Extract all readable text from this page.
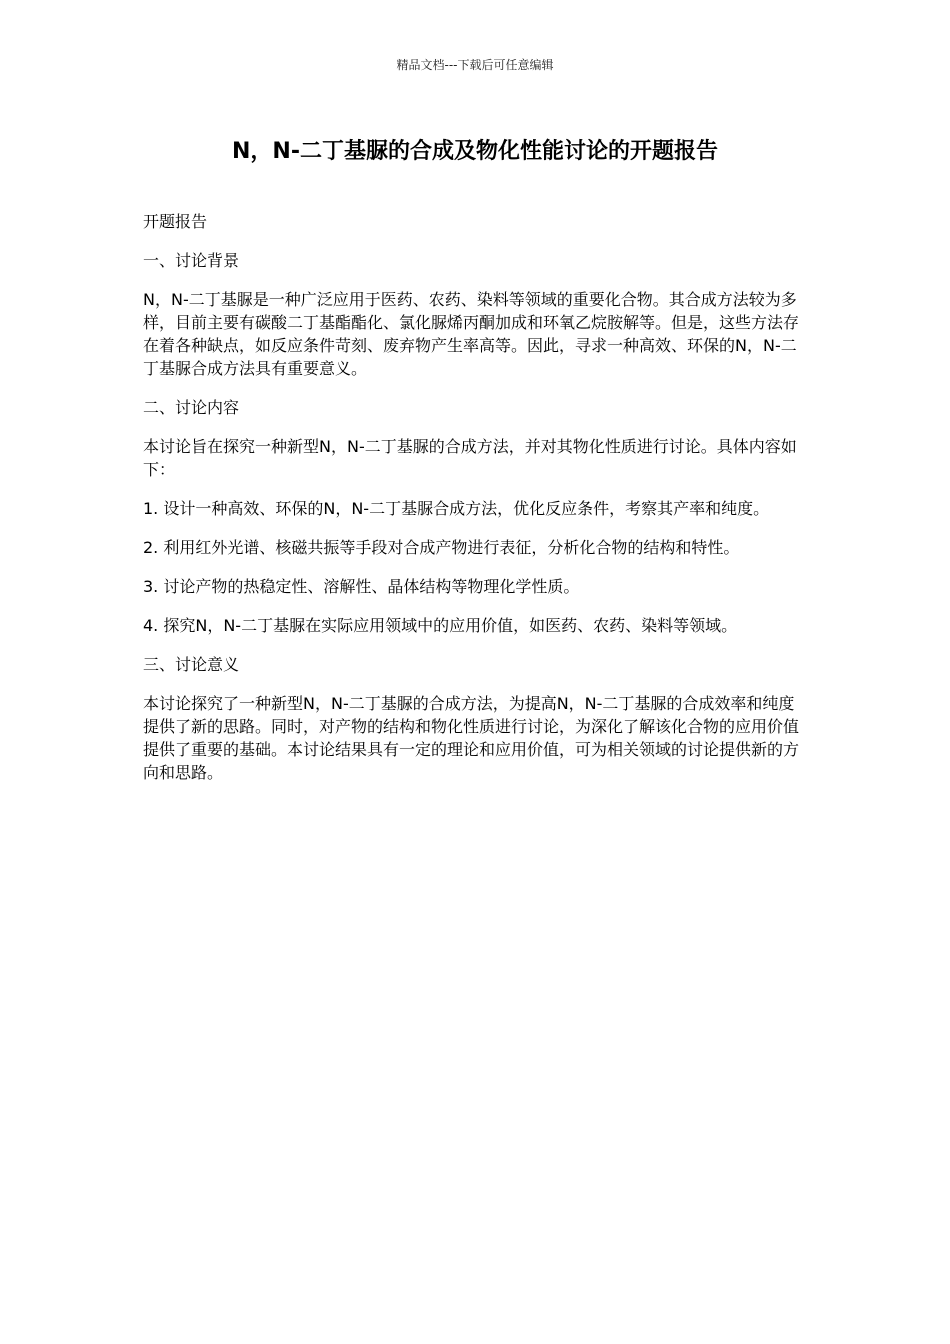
精品文档---下载后可任意编辑
N，N-二丁基脲的合成及物化性能讨论的开题报告

开题报告

一、讨论背景

N，N-二丁基脲是一种广泛应用于医药、农药、染料等领域的重要化合物。其合成方法较为多样，目前主要有碳酸二丁基酯酯化、氯化脲烯丙酮加成和环氧乙烷胺解等。但是，这些方法存在着各种缺点，如反应条件苛刻、废弃物产生率高等。因此，寻求一种高效、环保的N，N-二丁基脲合成方法具有重要意义。

二、讨论内容

本讨论旨在探究一种新型N，N-二丁基脲的合成方法，并对其物化性质进行讨论。具体内容如下：

1. 设计一种高效、环保的N，N-二丁基脲合成方法，优化反应条件，考察其产率和纯度。

2. 利用红外光谱、核磁共振等手段对合成产物进行表征，分析化合物的结构和特性。

3. 讨论产物的热稳定性、溶解性、晶体结构等物理化学性质。

4. 探究N，N-二丁基脲在实际应用领域中的应用价值，如医药、农药、染料等领域。

三、讨论意义

本讨论探究了一种新型N，N-二丁基脲的合成方法，为提高N，N-二丁基脲的合成效率和纯度提供了新的思路。同时，对产物的结构和物化性质进行讨论，为深化了解该化合物的应用价值提供了重要的基础。本讨论结果具有一定的理论和应用价值，可为相关领域的讨论提供新的方向和思路。
